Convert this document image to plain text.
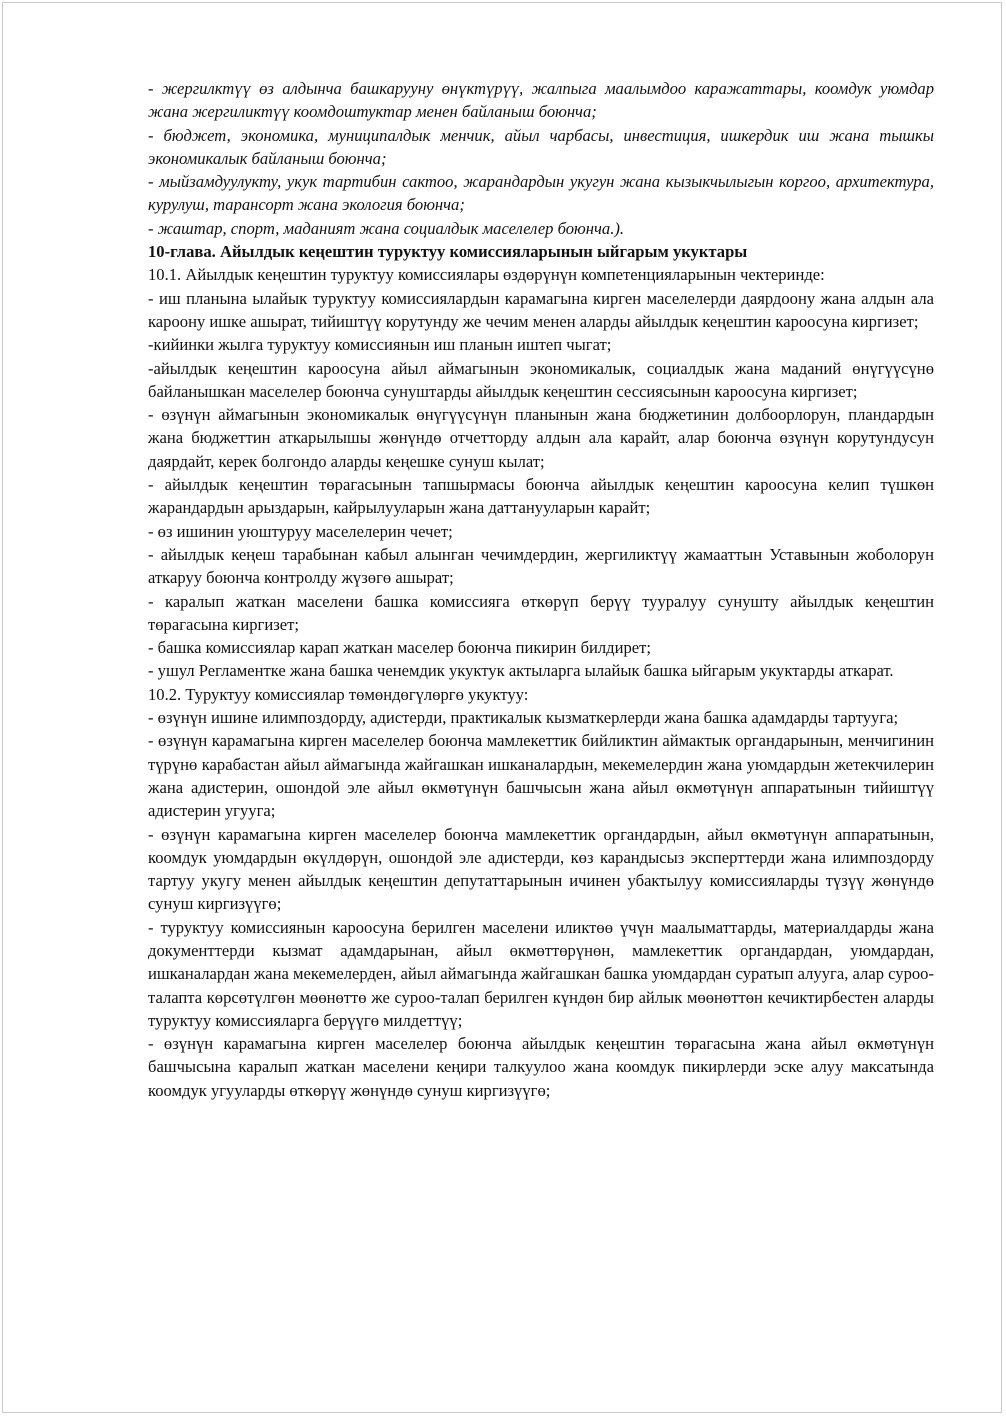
- жергилктүү өз алдынча башкарууну өнүктүрүү, жалпыга маалымдоо каражаттары, коомдук уюмдар жана жергиликтүү коомдоштуктар менен байланыш боюнча;

- бюджет, экономика, муниципалдык менчик, айыл чарбасы, инвестиция, ишкердик иш жана тышкы экономикалык байланыш боюнча;

- мыйзамдуулукту, укук тартибин сактоо, жарандардын укугун жана кызыкчылыгын коргоо, архитектура, курулуш, тарансорт жана экология боюнча;

- жаштар, спорт, маданият жана социалдык маселелер боюнча.).

10-глава. Айылдык кеңештин туруктуу комиссияларынын ыйгарым укуктары

10.1. Айылдык кеңештин туруктуу комиссиялары өздөрүнүн компетенцияларынын чектеринде:

- иш планына ылайык туруктуу комиссиялардын карамагына кирген маселелерди даярдоону жана алдын ала кароону ишке ашырат, тийиштүү корутунду же чечим менен аларды айылдык кеңештин кароосуна киргизет;

-кийинки жылга туруктуу комиссиянын иш планын иштеп чыгат;

-айылдык кеңештин кароосуна айыл аймагынын экономикалык, социалдык жана маданий өнүгүүсүнө байланышкан маселелер боюнча сунуштарды айылдык кеңештин сессиясынын кароосуна киргизет;

- өзүнүн аймагынын экономикалык өнүгүүсүнүн планынын жана бюджетинин долбоорлорун, пландардын жана бюджеттин аткарылышы жөнүндө отчетторду алдын ала карайт, алар боюнча өзүнүн корутундусун даярдайт, керек болгондо аларды кеңешке сунуш кылат;

- айылдык кеңештин төрагасынын тапшырмасы боюнча айылдык кеңештин кароосуна келип түшкөн жарандардын арыздарын, кайрылууларын жана даттанууларын карайт;

- өз ишинин уюштуруу маселелерин чечет;

- айылдык кеңеш тарабынан кабыл алынган чечимдердин, жергиликтүү жамааттын Уставынын жоболорун аткаруу боюнча контролду жүзөгө ашырат;

- каралып жаткан маселени башка комиссияга өткөрүп берүү тууралуу сунушту айылдык кеңештин төрагасына киргизет;

- башка комиссиялар карап жаткан маселер боюнча пикирин билдирет;

- ушул Регламентке жана башка ченемдик укуктук актыларга ылайык башка ыйгарым укуктарды аткарат.

10.2. Туруктуу комиссиялар төмөндөгүлөргө укуктуу:

- өзүнүн ишине илимпоздорду, адистерди, практикалык кызматкерлерди жана башка адамдарды тартууга;

- өзүнүн карамагына кирген маселелер боюнча мамлекеттик бийликтин аймактык органдарынын, менчигинин түрүнө карабастан айыл аймагында жайгашкан ишканалардын, мекемелердин жана уюмдардын жетекчилерин жана адистерин, ошондой эле айыл өкмөтүнүн башчысын жана айыл өкмөтүнүн аппаратынын тийиштүү адистерин угууга;

- өзүнүн карамагына кирген маселелер боюнча мамлекеттик органдардын, айыл өкмөтүнүн аппаратынын, коомдук уюмдардын өкүлдөрүн, ошондой эле адистерди, көз карандысыз эксперттерди жана илимпоздорду тартуу укугу менен айылдык кеңештин депутаттарынын ичинен убактылуу комиссияларды түзүү жөнүндө сунуш киргизүүгө;

- туруктуу комиссиянын кароосуна берилген маселени иликтөө үчүн маалыматтарды, материалдарды жана документтерди кызмат адамдарынан, айыл өкмөттөрүнөн, мамлекеттик органдардан, уюмдардан, ишканалардан жана мекемелерден, айыл аймагында жайгашкан башка уюмдардан суратып алууга, алар суроо-талапта көрсөтүлгөн мөөнөттө же суроо-талап берилген күндөн бир айлык мөөнөттөн кечиктирбестен аларды туруктуу комиссияларга берүүгө милдеттүү;

- өзүнүн карамагына кирген маселелер боюнча айылдык кеңештин төрагасына жана айыл өкмөтүнүн башчысына каралып жаткан маселени кеңири талкуулоо жана коомдук пикирлерди эске алуу максатында коомдук угууларды өткөрүү жөнүндө сунуш киргизүүгө;
